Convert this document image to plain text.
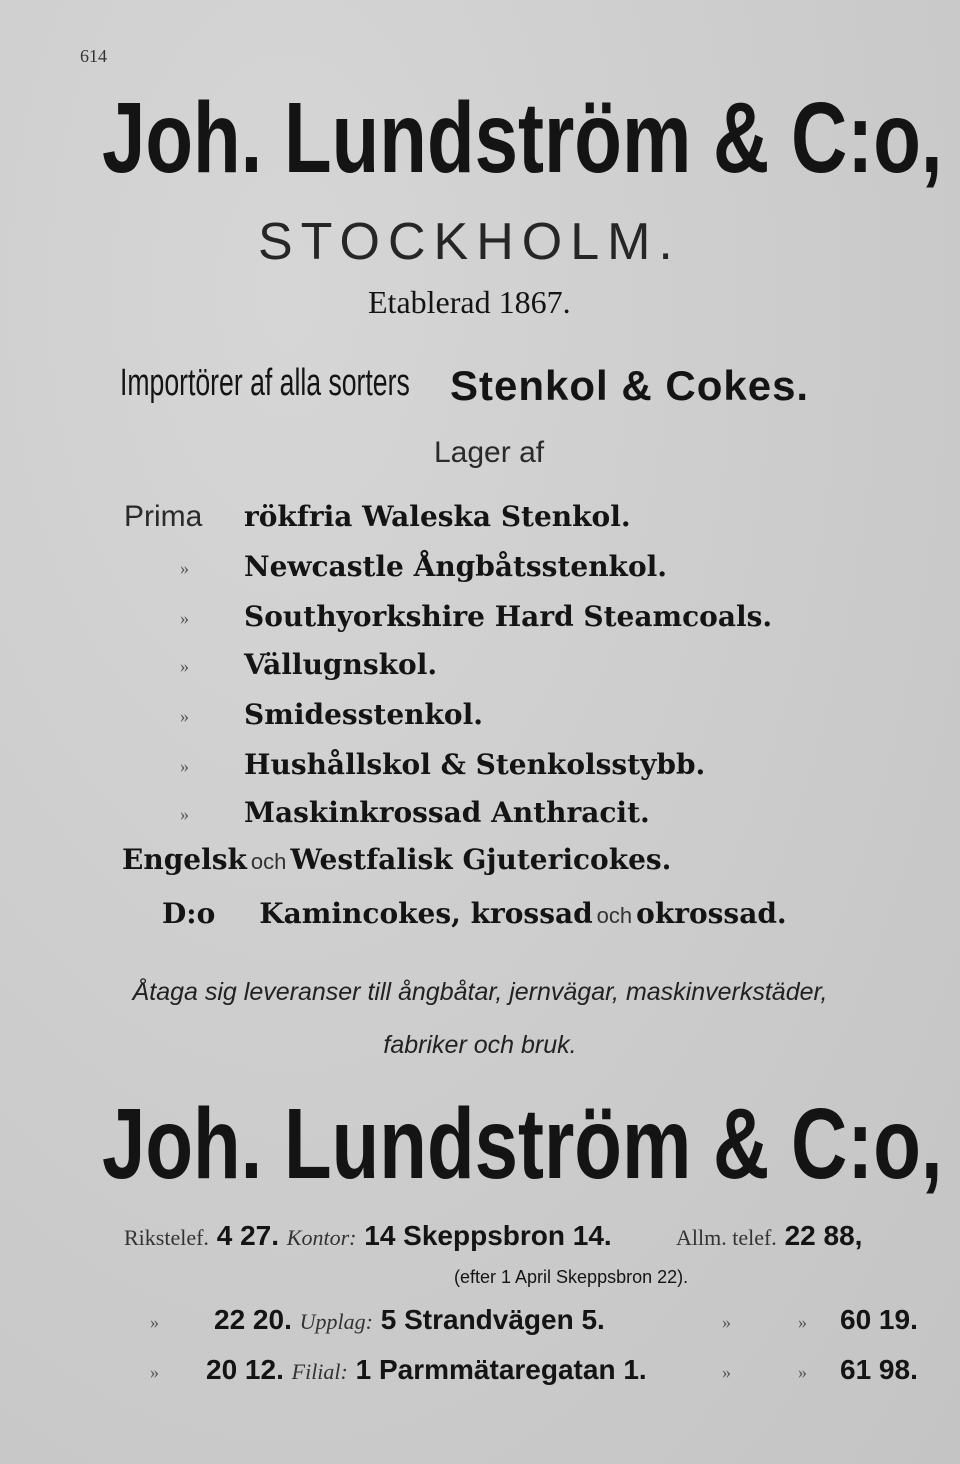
614
Joh. Lundström & C:o,
STOCKHOLM.
Etablerad 1867.
Importörer af alla sorters Stenkol & Cokes.
Lager af
Prima rökfria Waleska Stenkol.
» Newcastle Ångbåtsstenkol.
» Southyorkshire Hard Steamcoals.
» Vällugnskol.
» Smidesstenkol.
» Hushållskol & Stenkolsstybb.
» Maskinkrossad Anthracit.
Engelsk och Westfalisk Gjutericokes.
D:o Kamincokes, krossad och okrossad.
Åtaga sig leveranser till ångbåtar, jernvägar, maskinverkstäder,
fabriker och bruk.
Joh. Lundström & C:o,
Rikstelef. 4 27. Kontor: 14 Skeppsbron 14.	Allm. telef. 22 88,
(efter 1 April Skeppsbron 22).
» 22 20. Upplag: 5 Strandvägen 5.	»	» 60 19.
» 20 12. Filial: 1 Parmmätaregatan 1.	»	» 61 98.
